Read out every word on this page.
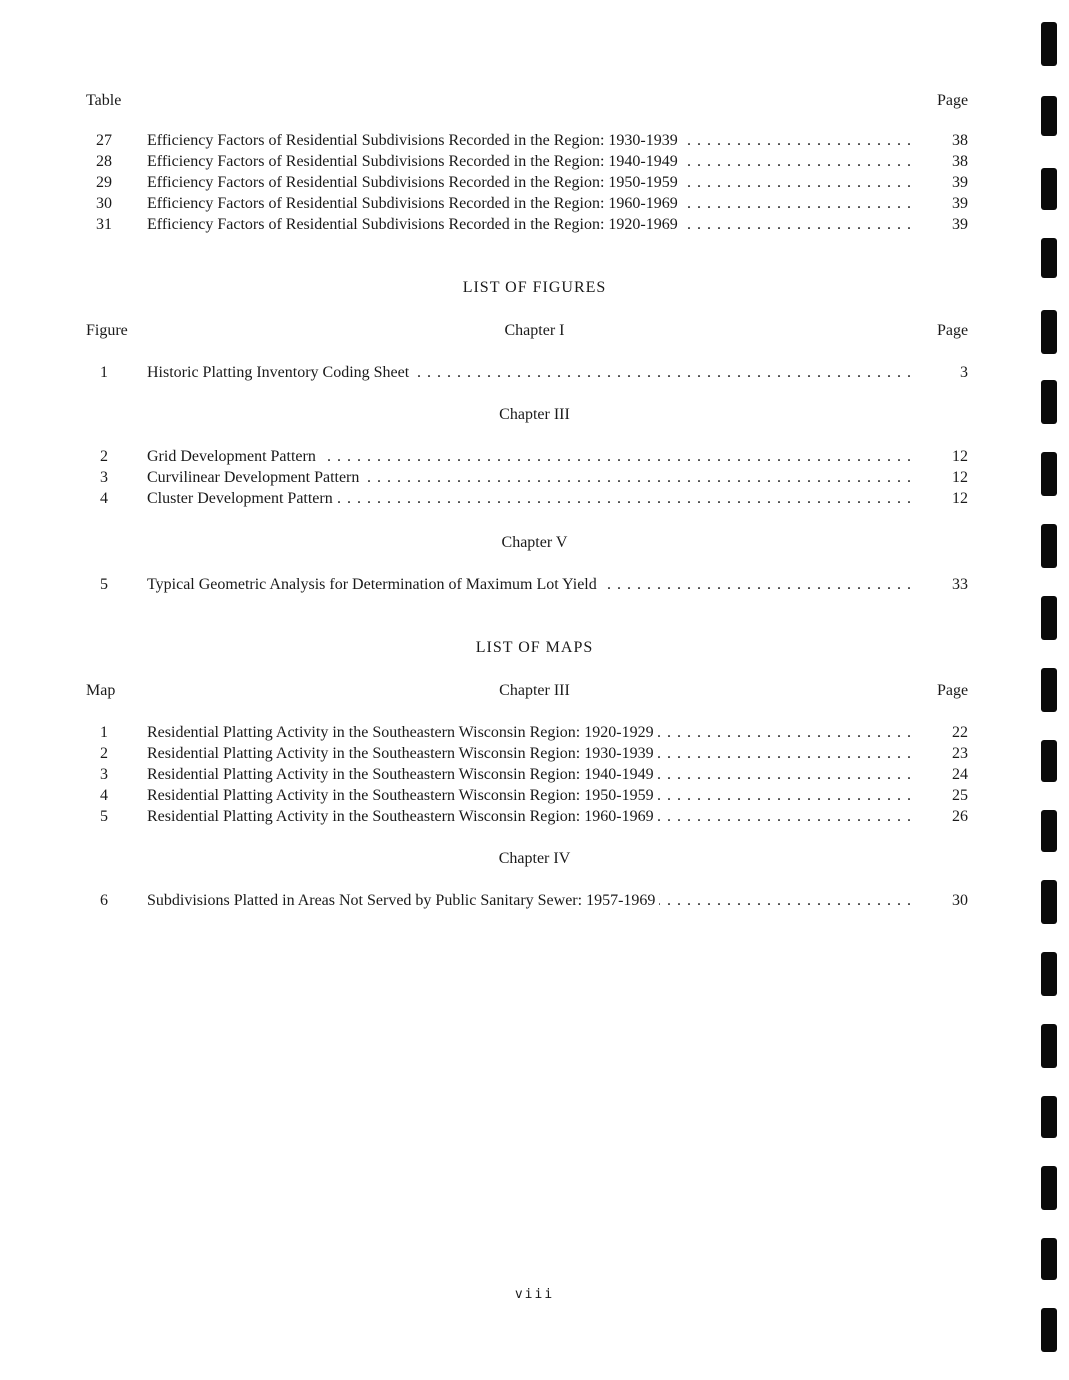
Table	Page
27	Efficiency Factors of Residential Subdivisions Recorded in the Region: 1930-1939 . . .	38
28	Efficiency Factors of Residential Subdivisions Recorded in the Region: 1940-1949 . . .	38
29	Efficiency Factors of Residential Subdivisions Recorded in the Region: 1950-1959 . . .	39
30	Efficiency Factors of Residential Subdivisions Recorded in the Region: 1960-1969 . . .	39
31	Efficiency Factors of Residential Subdivisions Recorded in the Region: 1920-1969 . . .	39
LIST OF FIGURES
Figure	Chapter I	Page
1	Historic Platting Inventory Coding Sheet . . .	3
Chapter III
2	Grid Development Pattern . . .	12
3	Curvilinear Development Pattern . . .	12
4	Cluster Development Pattern . . .	12
Chapter V
5	Typical Geometric Analysis for Determination of Maximum Lot Yield . . .	33
LIST OF MAPS
Map	Chapter III	Page
1	Residential Platting Activity in the Southeastern Wisconsin Region: 1920-1929 . . .	22
2	Residential Platting Activity in the Southeastern Wisconsin Region: 1930-1939 . . .	23
3	Residential Platting Activity in the Southeastern Wisconsin Region: 1940-1949 . . .	24
4	Residential Platting Activity in the Southeastern Wisconsin Region: 1950-1959 . . .	25
5	Residential Platting Activity in the Southeastern Wisconsin Region: 1960-1969 . . .	26
Chapter IV
6	Subdivisions Platted in Areas Not Served by Public Sanitary Sewer: 1957-1969 . . .	30
viii
